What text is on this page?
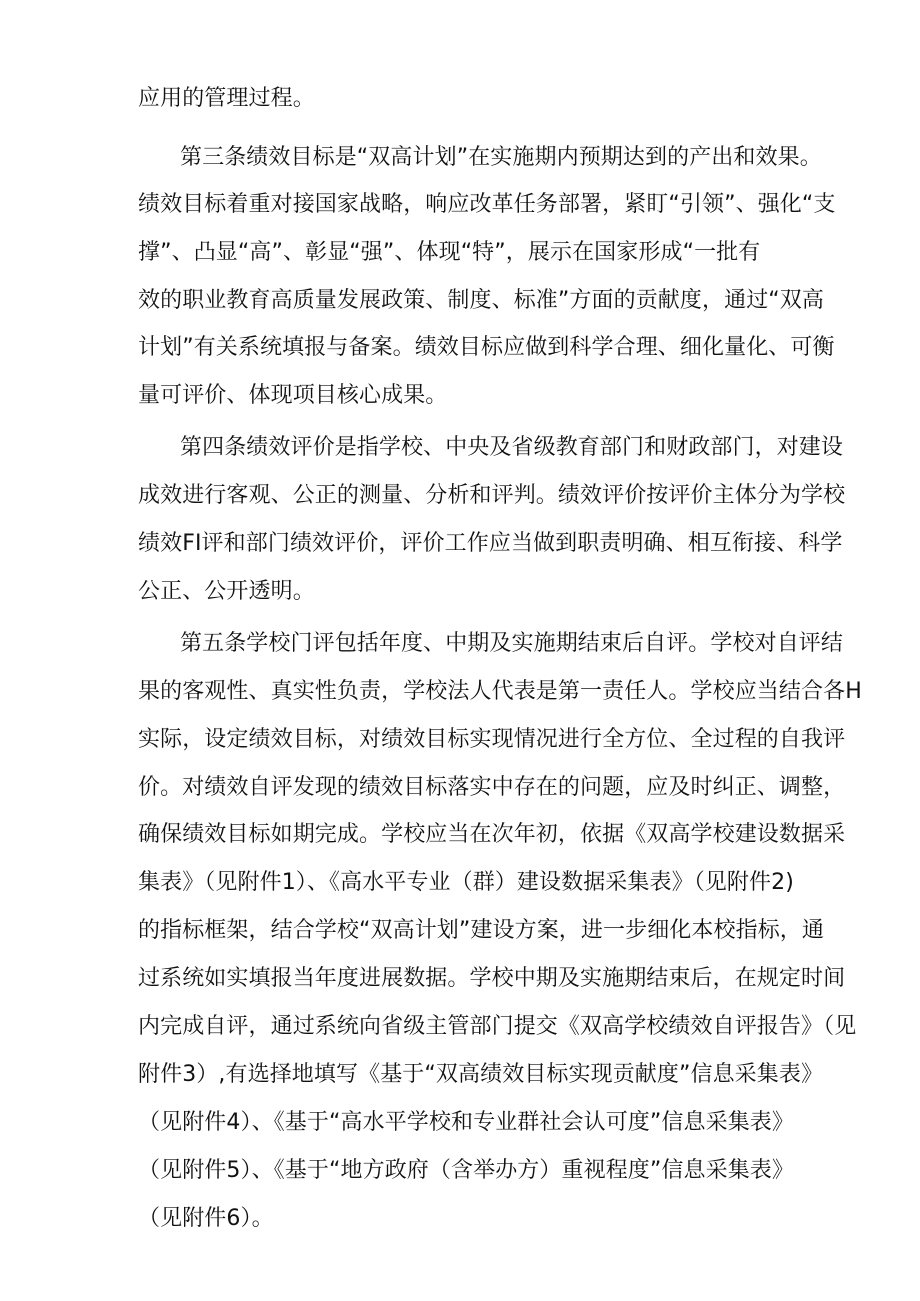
应用的管理过程。
第三条绩效目标是“双高计划”在实施期内预期达到的产出和效果。
绩效目标着重对接国家战略，响应改革任务部署，紧盯“引领”、强化“支
撑”、凸显“高”、彰显“强”、体现“特”，展示在国家形成“一批有
效的职业教育高质量发展政策、制度、标准”方面的贡献度，通过“双高
计划”有关系统填报与备案。绩效目标应做到科学合理、细化量化、可衡
量可评价、体现项目核心成果。
第四条绩效评价是指学校、中央及省级教育部门和财政部门，对建设
成效进行客观、公正的测量、分析和评判。绩效评价按评价主体分为学校
绩效FI评和部门绩效评价，评价工作应当做到职责明确、相互衔接、科学
公正、公开透明。
第五条学校门评包括年度、中期及实施期结束后自评。学校对自评结
果的客观性、真实性负责，学校法人代表是第一责任人。学校应当结合各H
实际，设定绩效目标，对绩效目标实现情况进行全方位、全过程的自我评
价。对绩效自评发现的绩效目标落实中存在的问题，应及时纠正、调整，
确保绩效目标如期完成。学校应当在次年初，依据《双高学校建设数据采
集表》（见附件1）、《高水平专业（群）建设数据采集表》（见附件2)
的指标框架，结合学校“双高计划”建设方案，进一步细化本校指标，通
过系统如实填报当年度进展数据。学校中期及实施期结束后，在规定时间
内完成自评，通过系统向省级主管部门提交《双高学校绩效自评报告》（见
附件3）,有选择地填写《基于“双高绩效目标实现贡献度”信息采集表》
（见附件4）、《基于“高水平学校和专业群社会认可度”信息采集表》
（见附件5）、《基于“地方政府（含举办方）重视程度”信息采集表》
（见附件6）。
